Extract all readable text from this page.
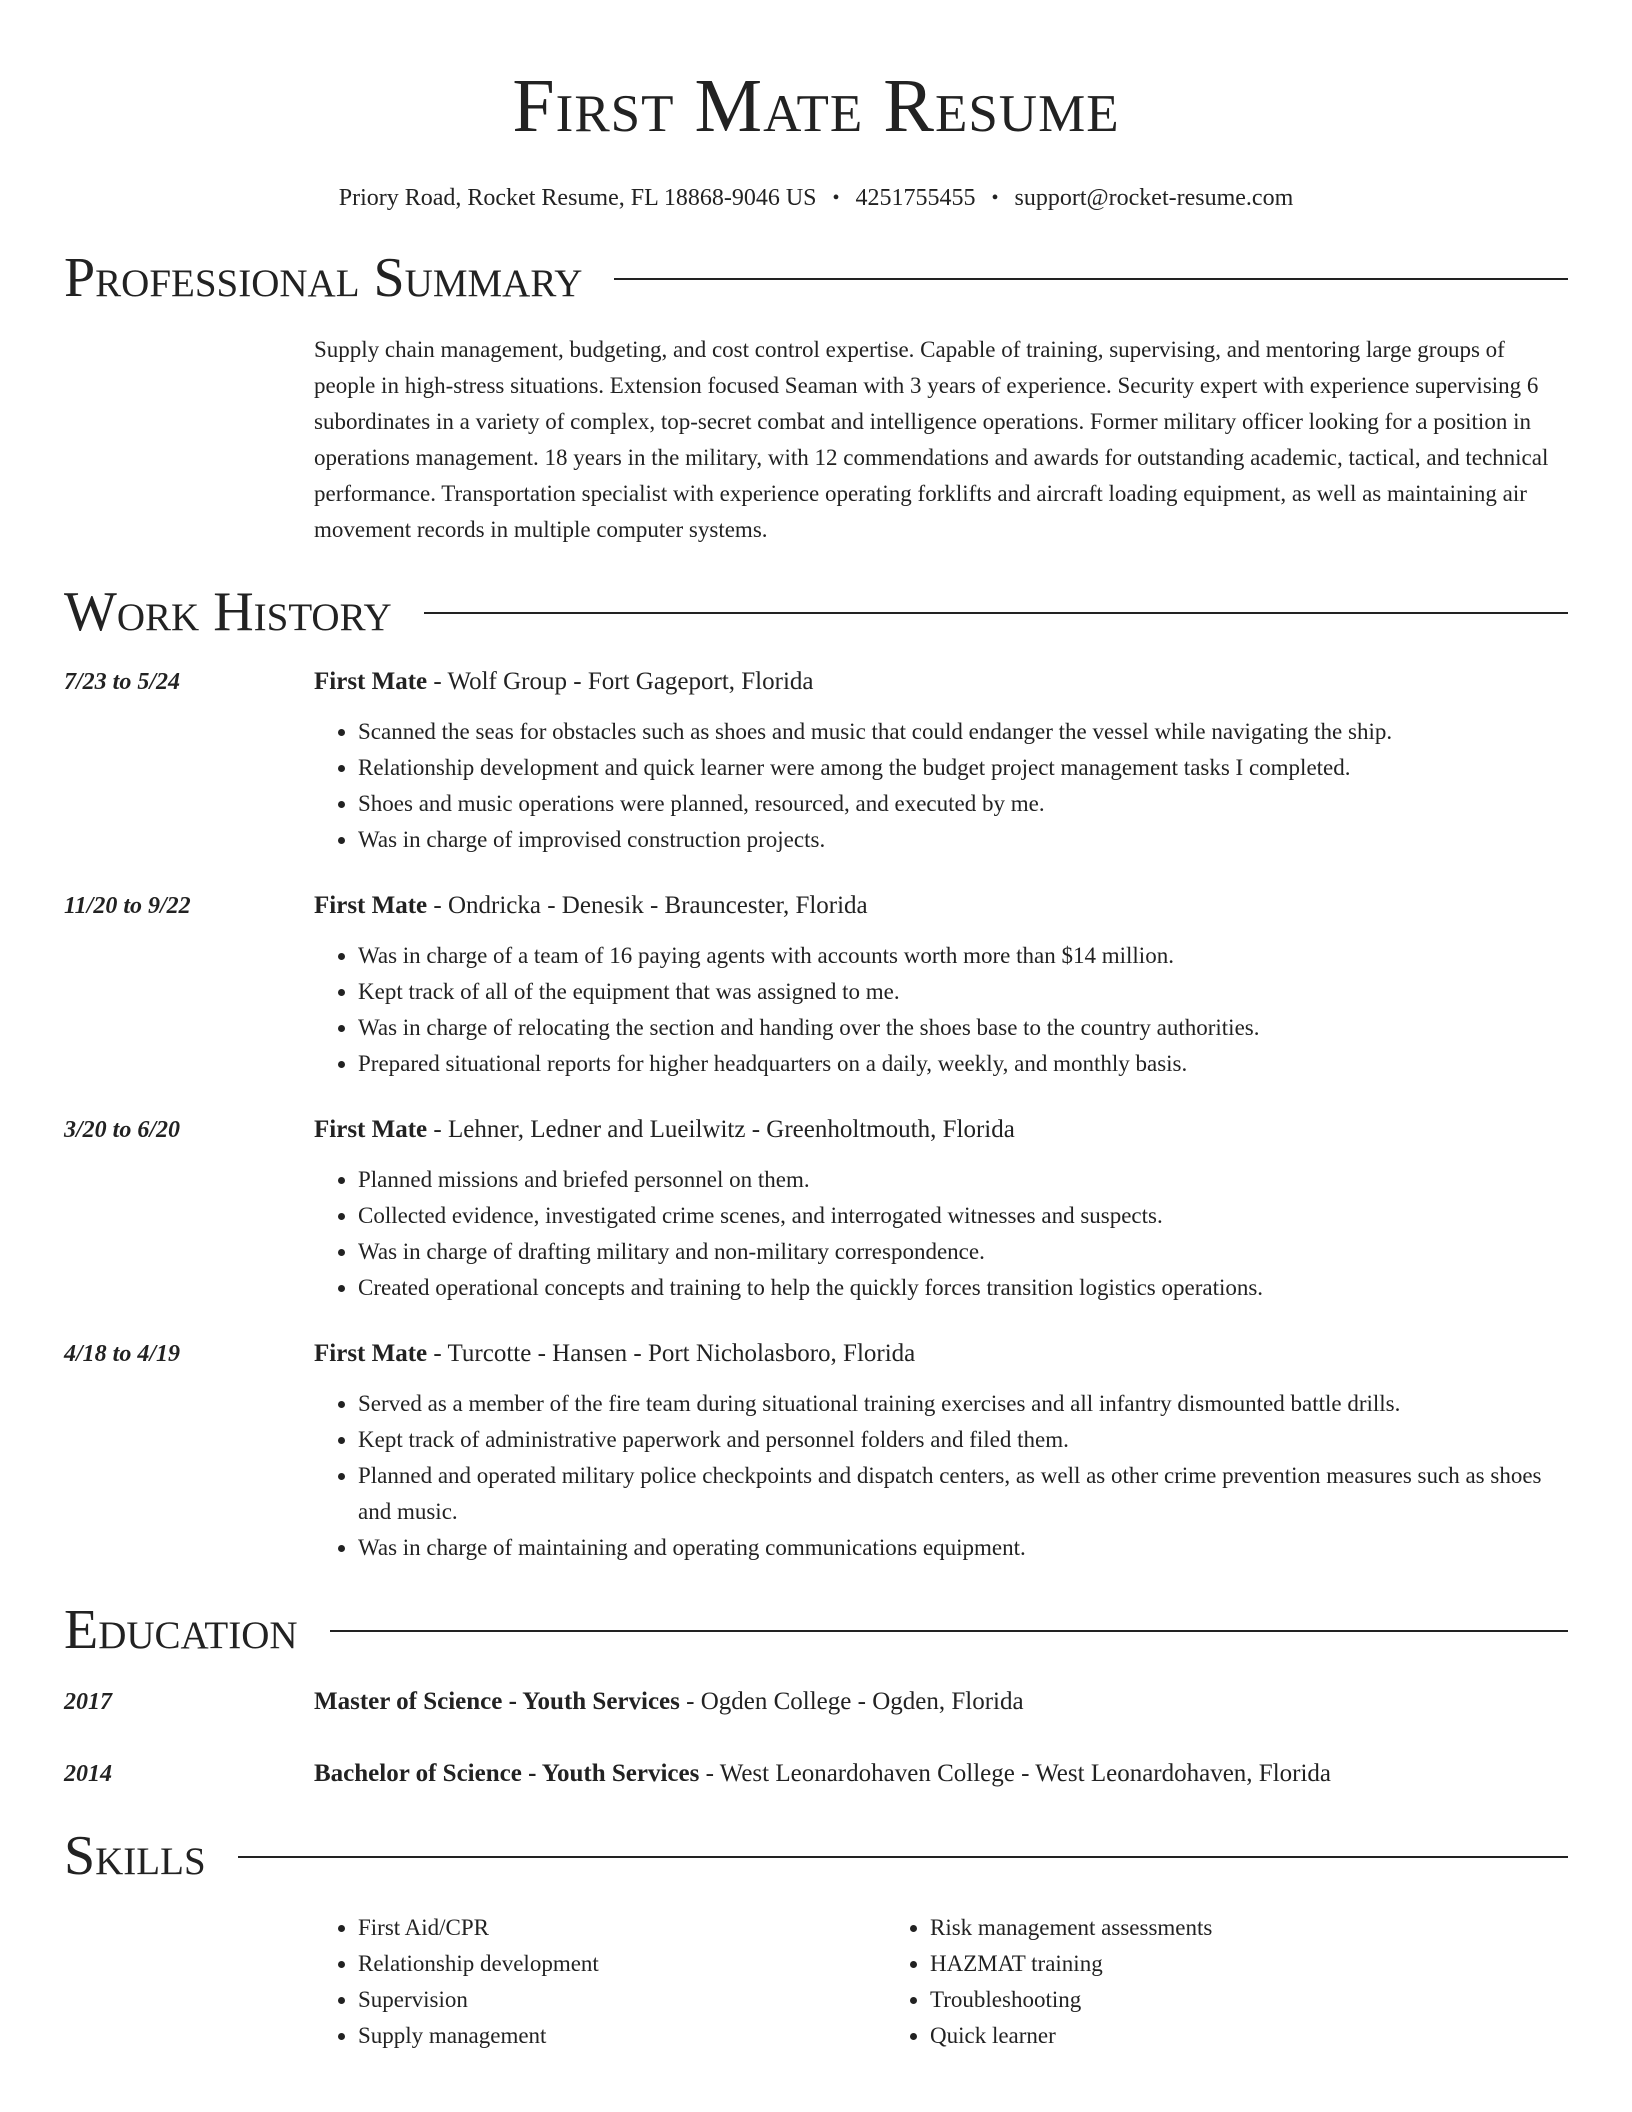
First Mate Resume
Priory Road, Rocket Resume, FL 18868-9046 US • 4251755455 • support@rocket-resume.com
Professional Summary
Supply chain management, budgeting, and cost control expertise. Capable of training, supervising, and mentoring large groups of people in high-stress situations. Extension focused Seaman with 3 years of experience. Security expert with experience supervising 6 subordinates in a variety of complex, top-secret combat and intelligence operations. Former military officer looking for a position in operations management. 18 years in the military, with 12 commendations and awards for outstanding academic, tactical, and technical performance. Transportation specialist with experience operating forklifts and aircraft loading equipment, as well as maintaining air movement records in multiple computer systems.
Work History
7/23 to 5/24	First Mate - Wolf Group - Fort Gageport, Florida
• Scanned the seas for obstacles such as shoes and music that could endanger the vessel while navigating the ship.
• Relationship development and quick learner were among the budget project management tasks I completed.
• Shoes and music operations were planned, resourced, and executed by me.
• Was in charge of improvised construction projects.
11/20 to 9/22	First Mate - Ondricka - Denesik - Brauncester, Florida
• Was in charge of a team of 16 paying agents with accounts worth more than $14 million.
• Kept track of all of the equipment that was assigned to me.
• Was in charge of relocating the section and handing over the shoes base to the country authorities.
• Prepared situational reports for higher headquarters on a daily, weekly, and monthly basis.
3/20 to 6/20	First Mate - Lehner, Ledner and Lueilwitz - Greenholtmouth, Florida
• Planned missions and briefed personnel on them.
• Collected evidence, investigated crime scenes, and interrogated witnesses and suspects.
• Was in charge of drafting military and non-military correspondence.
• Created operational concepts and training to help the quickly forces transition logistics operations.
4/18 to 4/19	First Mate - Turcotte - Hansen - Port Nicholasboro, Florida
• Served as a member of the fire team during situational training exercises and all infantry dismounted battle drills.
• Kept track of administrative paperwork and personnel folders and filed them.
• Planned and operated military police checkpoints and dispatch centers, as well as other crime prevention measures such as shoes and music.
• Was in charge of maintaining and operating communications equipment.
Education
2017	Master of Science - Youth Services - Ogden College - Ogden, Florida
2014	Bachelor of Science - Youth Services - West Leonardohaven College - West Leonardohaven, Florida
Skills
• First Aid/CPR
• Relationship development
• Supervision
• Supply management
• Risk management assessments
• HAZMAT training
• Troubleshooting
• Quick learner
